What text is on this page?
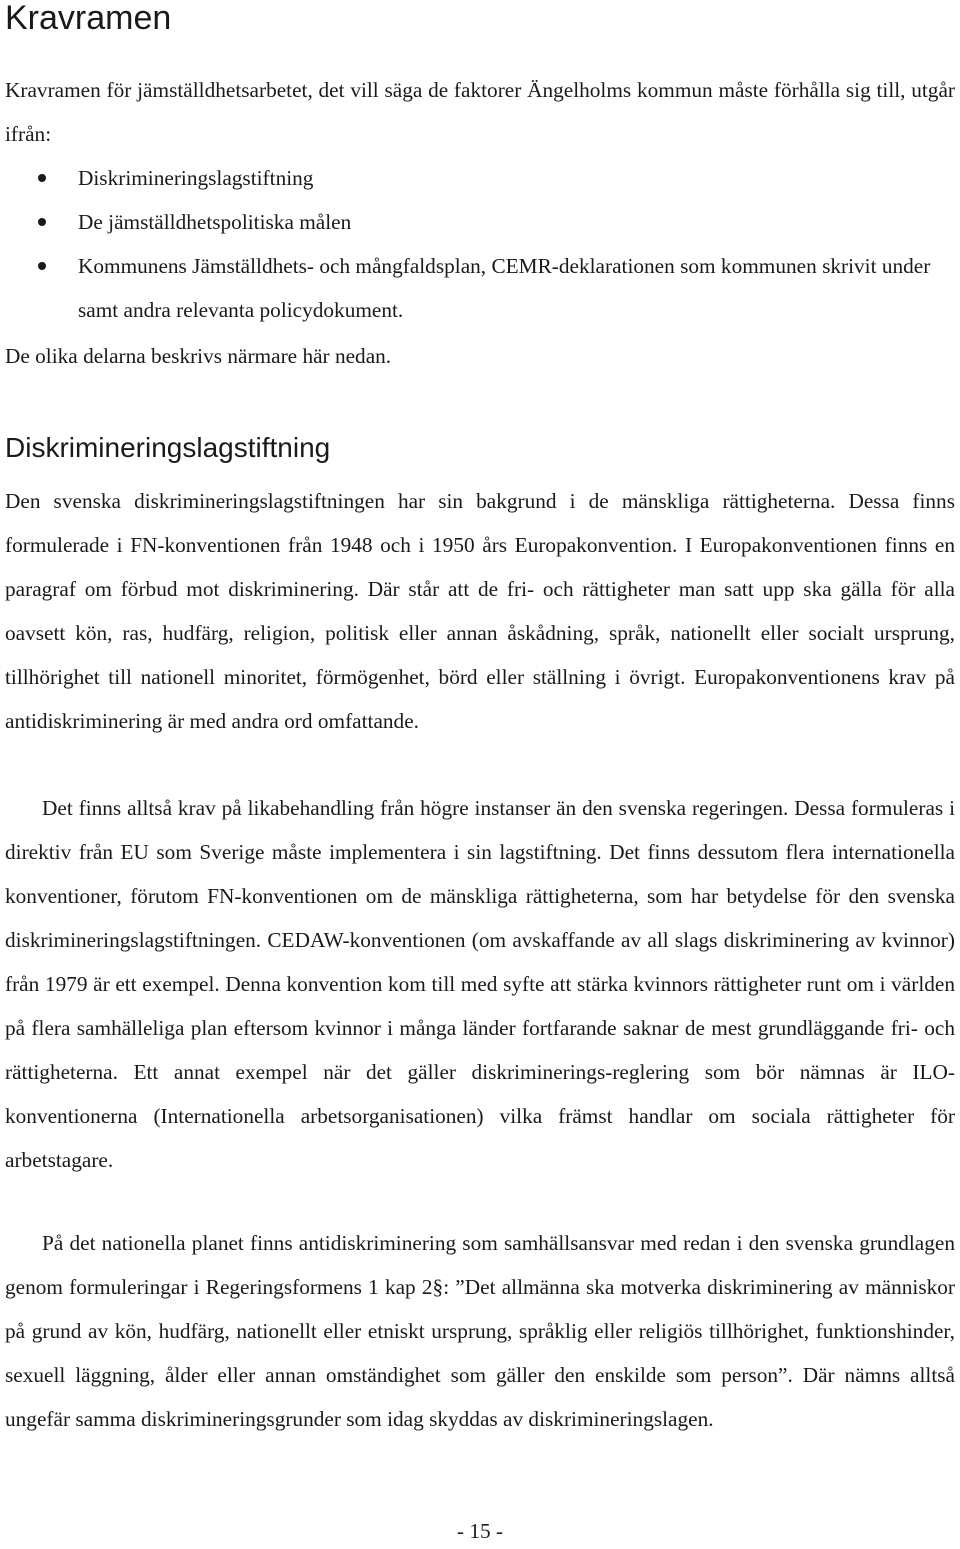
Kravramen

Kravramen för jämställdhetsarbetet, det vill säga de faktorer Ängelholms kommun måste förhålla sig till, utgår ifrån:

Diskrimineringslagstiftning
De jämställdhetspolitiska målen
Kommunens Jämställdhets- och mångfaldsplan, CEMR-deklarationen som kommunen skrivit under samt andra relevanta policydokument.

De olika delarna beskrivs närmare här nedan.

Diskrimineringslagstiftning

Den svenska diskrimineringslagstiftningen har sin bakgrund i de mänskliga rättigheterna. Dessa finns formulerade i FN-konventionen från 1948 och i 1950 års Europakonvention. I Europakonventionen finns en paragraf om förbud mot diskriminering. Där står att de fri- och rättigheter man satt upp ska gälla för alla oavsett kön, ras, hudfärg, religion, politisk eller annan åskådning, språk, nationellt eller socialt ursprung, tillhörighet till nationell minoritet, förmögenhet, börd eller ställning i övrigt. Europakonventionens krav på antidiskriminering är med andra ord omfattande.

Det finns alltså krav på likabehandling från högre instanser än den svenska regeringen. Dessa formuleras i direktiv från EU som Sverige måste implementera i sin lagstiftning. Det finns dessutom flera internationella konventioner, förutom FN-konventionen om de mänskliga rättigheterna, som har betydelse för den svenska diskrimineringslagstiftningen. CEDAW-konventionen (om avskaffande av all slags diskriminering av kvinnor) från 1979 är ett exempel. Denna konvention kom till med syfte att stärka kvinnors rättigheter runt om i världen på flera samhälleliga plan eftersom kvinnor i många länder fortfarande saknar de mest grundläggande fri- och rättigheterna. Ett annat exempel när det gäller diskriminerings-reglering som bör nämnas är ILO-konventionerna (Internationella arbetsorganisationen) vilka främst handlar om sociala rättigheter för arbetstagare.

På det nationella planet finns antidiskriminering som samhällsansvar med redan i den svenska grundlagen genom formuleringar i Regeringsformens 1 kap 2§: ”Det allmänna ska motverka diskriminering av människor på grund av kön, hudfärg, nationellt eller etniskt ursprung, språklig eller religiös tillhörighet, funktionshinder, sexuell läggning, ålder eller annan omständighet som gäller den enskilde som person”. Där nämns alltså ungefär samma diskrimineringsgrunder som idag skyddas av diskrimineringslagen.

- 15 -
